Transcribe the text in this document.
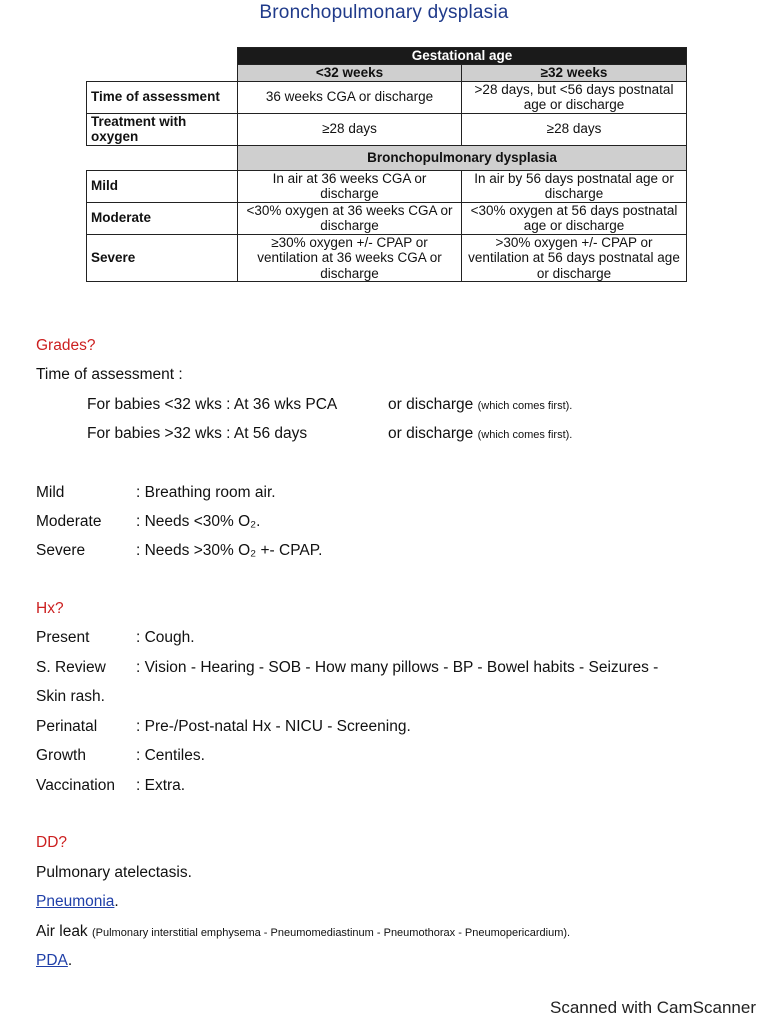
Bronchopulmonary dysplasia
	Gestational age	
	<32 weeks	≥32 weeks
Time of assessment	36 weeks CGA or discharge	>28 days, but <56 days postnatal age or discharge
Treatment with oxygen	≥28 days	≥28 days
	Bronchopulmonary dysplasia	
Mild	In air at 36 weeks CGA or discharge	In air by 56 days postnatal age or discharge
Moderate	<30% oxygen at 36 weeks CGA or discharge	<30% oxygen at 56 days postnatal age or discharge
Severe	≥30% oxygen +/- CPAP or ventilation at 36 weeks CGA or discharge	>30% oxygen +/- CPAP or ventilation at 56 days postnatal age or discharge
Grades?
Time of assessment :
For babies <32 wks : At 36 wks PCA	or discharge (which comes first).
For babies >32 wks : At 56 days	or discharge (which comes first).
Mild	: Breathing room air.
Moderate : Needs <30% O₂.
Severe	: Needs >30% O₂ +- CPAP.
Hx?
Present	: Cough.
S. Review : Vision - Hearing - SOB - How many pillows - BP - Bowel habits - Seizures -
Skin rash.
Perinatal	: Pre-/Post-natal Hx - NICU - Screening.
Growth	: Centiles.
Vaccination : Extra.
DD?
Pulmonary atelectasis.
Pneumonia.
Air leak (Pulmonary interstitial emphysema - Pneumomediastinum - Pneumothorax - Pneumopericardium).
PDA.
Scanned with CamScanner
